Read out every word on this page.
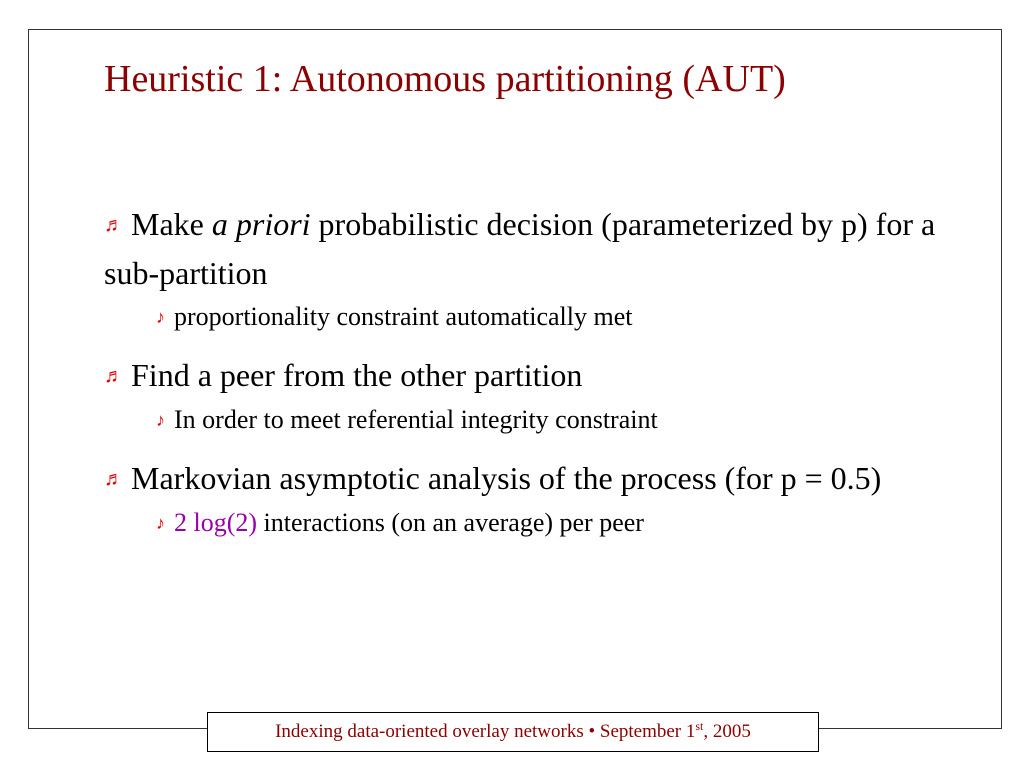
Heuristic 1: Autonomous partitioning (AUT)

♬ Make a priori probabilistic decision (parameterized by p) for a sub-partition

♪ proportionality constraint automatically met

♬ Find a peer from the other partition

♪ In order to meet referential integrity constraint

♬ Markovian asymptotic analysis of the process (for p = 0.5)

♪ 2 log(2) interactions (on an average) per peer

Indexing data-oriented overlay networks • September 1st, 2005
